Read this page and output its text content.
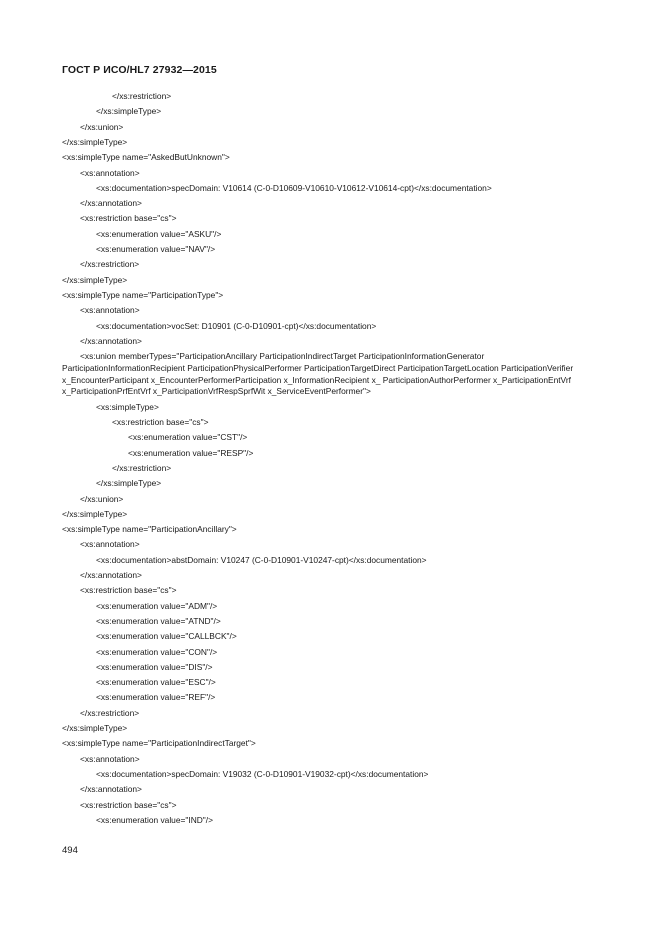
ГОСТ Р ИСО/HL7 27932—2015
</xs:restriction>
</xs:simpleType>
</xs:union>
</xs:simpleType>
<xs:simpleType name="AskedButUnknown">
<xs:annotation>
<xs:documentation>specDomain: V10614 (C-0-D10609-V10610-V10612-V10614-cpt)</xs:documentation>
</xs:annotation>
<xs:restriction base="cs">
<xs:enumeration value="ASKU"/>
<xs:enumeration value="NAV"/>
</xs:restriction>
</xs:simpleType>
<xs:simpleType name="ParticipationType">
<xs:annotation>
<xs:documentation>vocSet: D10901 (C-0-D10901-cpt)</xs:documentation>
</xs:annotation>
<xs:union memberTypes="ParticipationAncillary ParticipationIndirectTarget ParticipationInformationGenerator ParticipationInformationRecipient ParticipationPhysicalPerformer ParticipationTargetDirect ParticipationTargetLocation ParticipationVerifier x_EncounterParticipant x_EncounterPerformerParticipation x_InformationRecipient x_ ParticipationAuthorPerformer x_ParticipationEntVrf x_ParticipationPrfEntVrf x_ParticipationVrfRespSprfWit x_ServiceEventPerformer">
<xs:simpleType>
<xs:restriction base="cs">
<xs:enumeration value="CST"/>
<xs:enumeration value="RESP"/>
</xs:restriction>
</xs:simpleType>
</xs:union>
</xs:simpleType>
<xs:simpleType name="ParticipationAncillary">
<xs:annotation>
<xs:documentation>abstDomain: V10247 (C-0-D10901-V10247-cpt)</xs:documentation>
</xs:annotation>
<xs:restriction base="cs">
<xs:enumeration value="ADM"/>
<xs:enumeration value="ATND"/>
<xs:enumeration value="CALLBCK"/>
<xs:enumeration value="CON"/>
<xs:enumeration value="DIS"/>
<xs:enumeration value="ESC"/>
<xs:enumeration value="REF"/>
</xs:restriction>
</xs:simpleType>
<xs:simpleType name="ParticipationIndirectTarget">
<xs:annotation>
<xs:documentation>specDomain: V19032 (C-0-D10901-V19032-cpt)</xs:documentation>
</xs:annotation>
<xs:restriction base="cs">
<xs:enumeration value="IND"/>
494
